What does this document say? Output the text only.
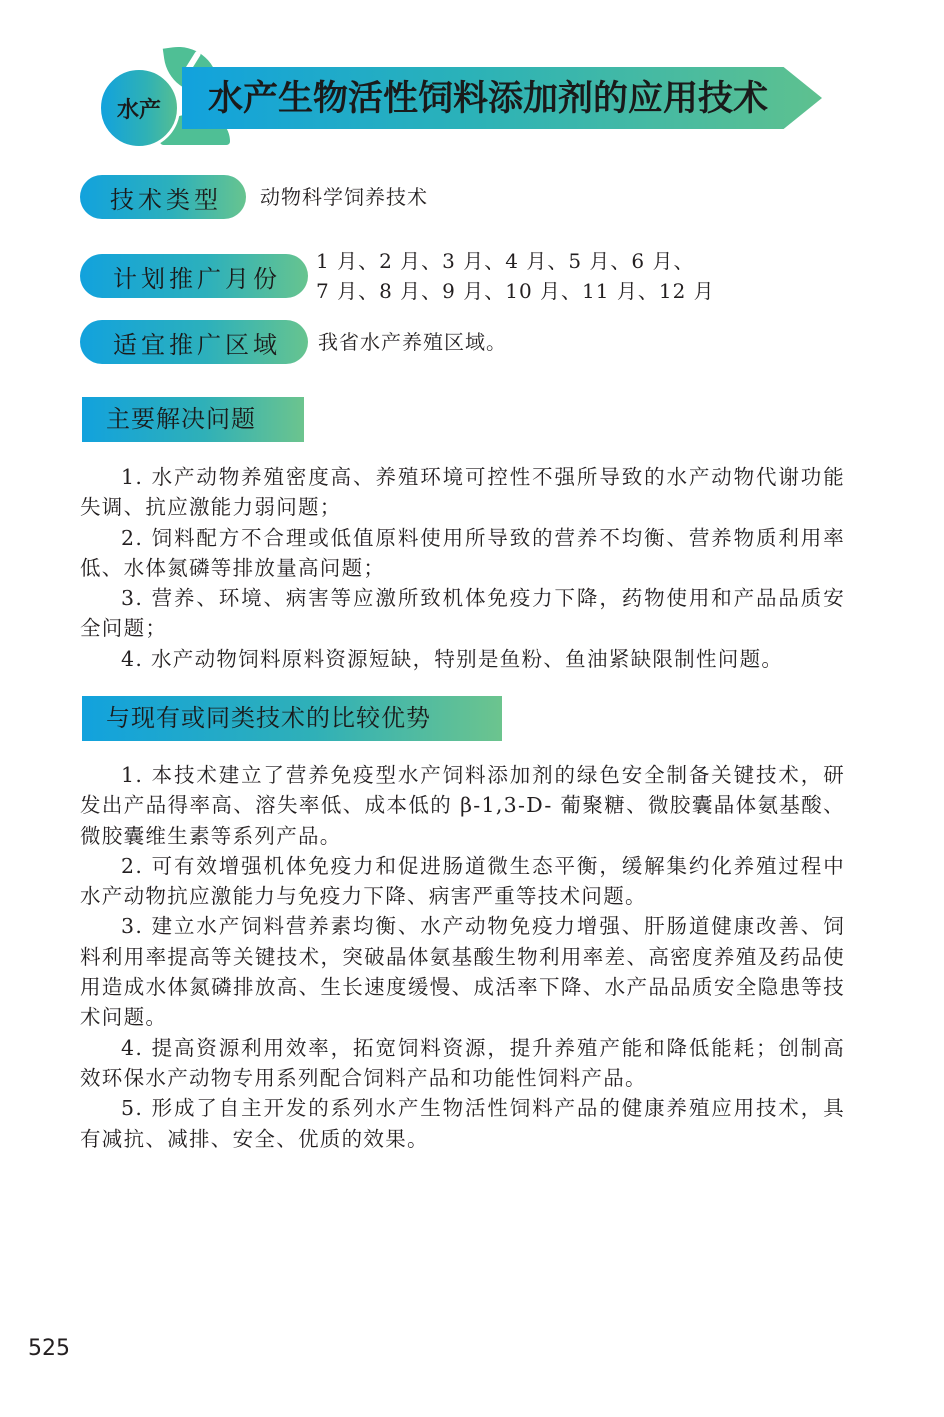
水产 水产生物活性饲料添加剂的应用技术
技术类型	动物科学饲养技术
计划推广月份
1 月、2 月、3 月、4 月、5 月、6 月、
7 月、8 月、9 月、10 月、11 月、12 月
适宜推广区域	我省水产养殖区域。
主要解决问题

1. 水产动物养殖密度高、养殖环境可控性不强所导致的水产动物代谢功能失调、抗应激能力弱问题；

2. 饲料配方不合理或低值原料使用所导致的营养不均衡、营养物质利用率低、水体氮磷等排放量高问题；

3. 营养、环境、病害等应激所致机体免疫力下降，药物使用和产品品质安全问题；

4. 水产动物饲料原料资源短缺，特别是鱼粉、鱼油紧缺限制性问题。

与现有或同类技术的比较优势

1. 本技术建立了营养免疫型水产饲料添加剂的绿色安全制备关键技术，研发出产品得率高、溶失率低、成本低的 β-1,3-D- 葡聚糖、微胶囊晶体氨基酸、微胶囊维生素等系列产品。

2. 可有效增强机体免疫力和促进肠道微生态平衡，缓解集约化养殖过程中水产动物抗应激能力与免疫力下降、病害严重等技术问题。

3. 建立水产饲料营养素均衡、水产动物免疫力增强、肝肠道健康改善、饲料利用率提高等关键技术，突破晶体氨基酸生物利用率差、高密度养殖及药品使用造成水体氮磷排放高、生长速度缓慢、成活率下降、水产品品质安全隐患等技术问题。

4. 提高资源利用效率，拓宽饲料资源，提升养殖产能和降低能耗；创制高效环保水产动物专用系列配合饲料产品和功能性饲料产品。

5. 形成了自主开发的系列水产生物活性饲料产品的健康养殖应用技术，具有减抗、减排、安全、优质的效果。

525
